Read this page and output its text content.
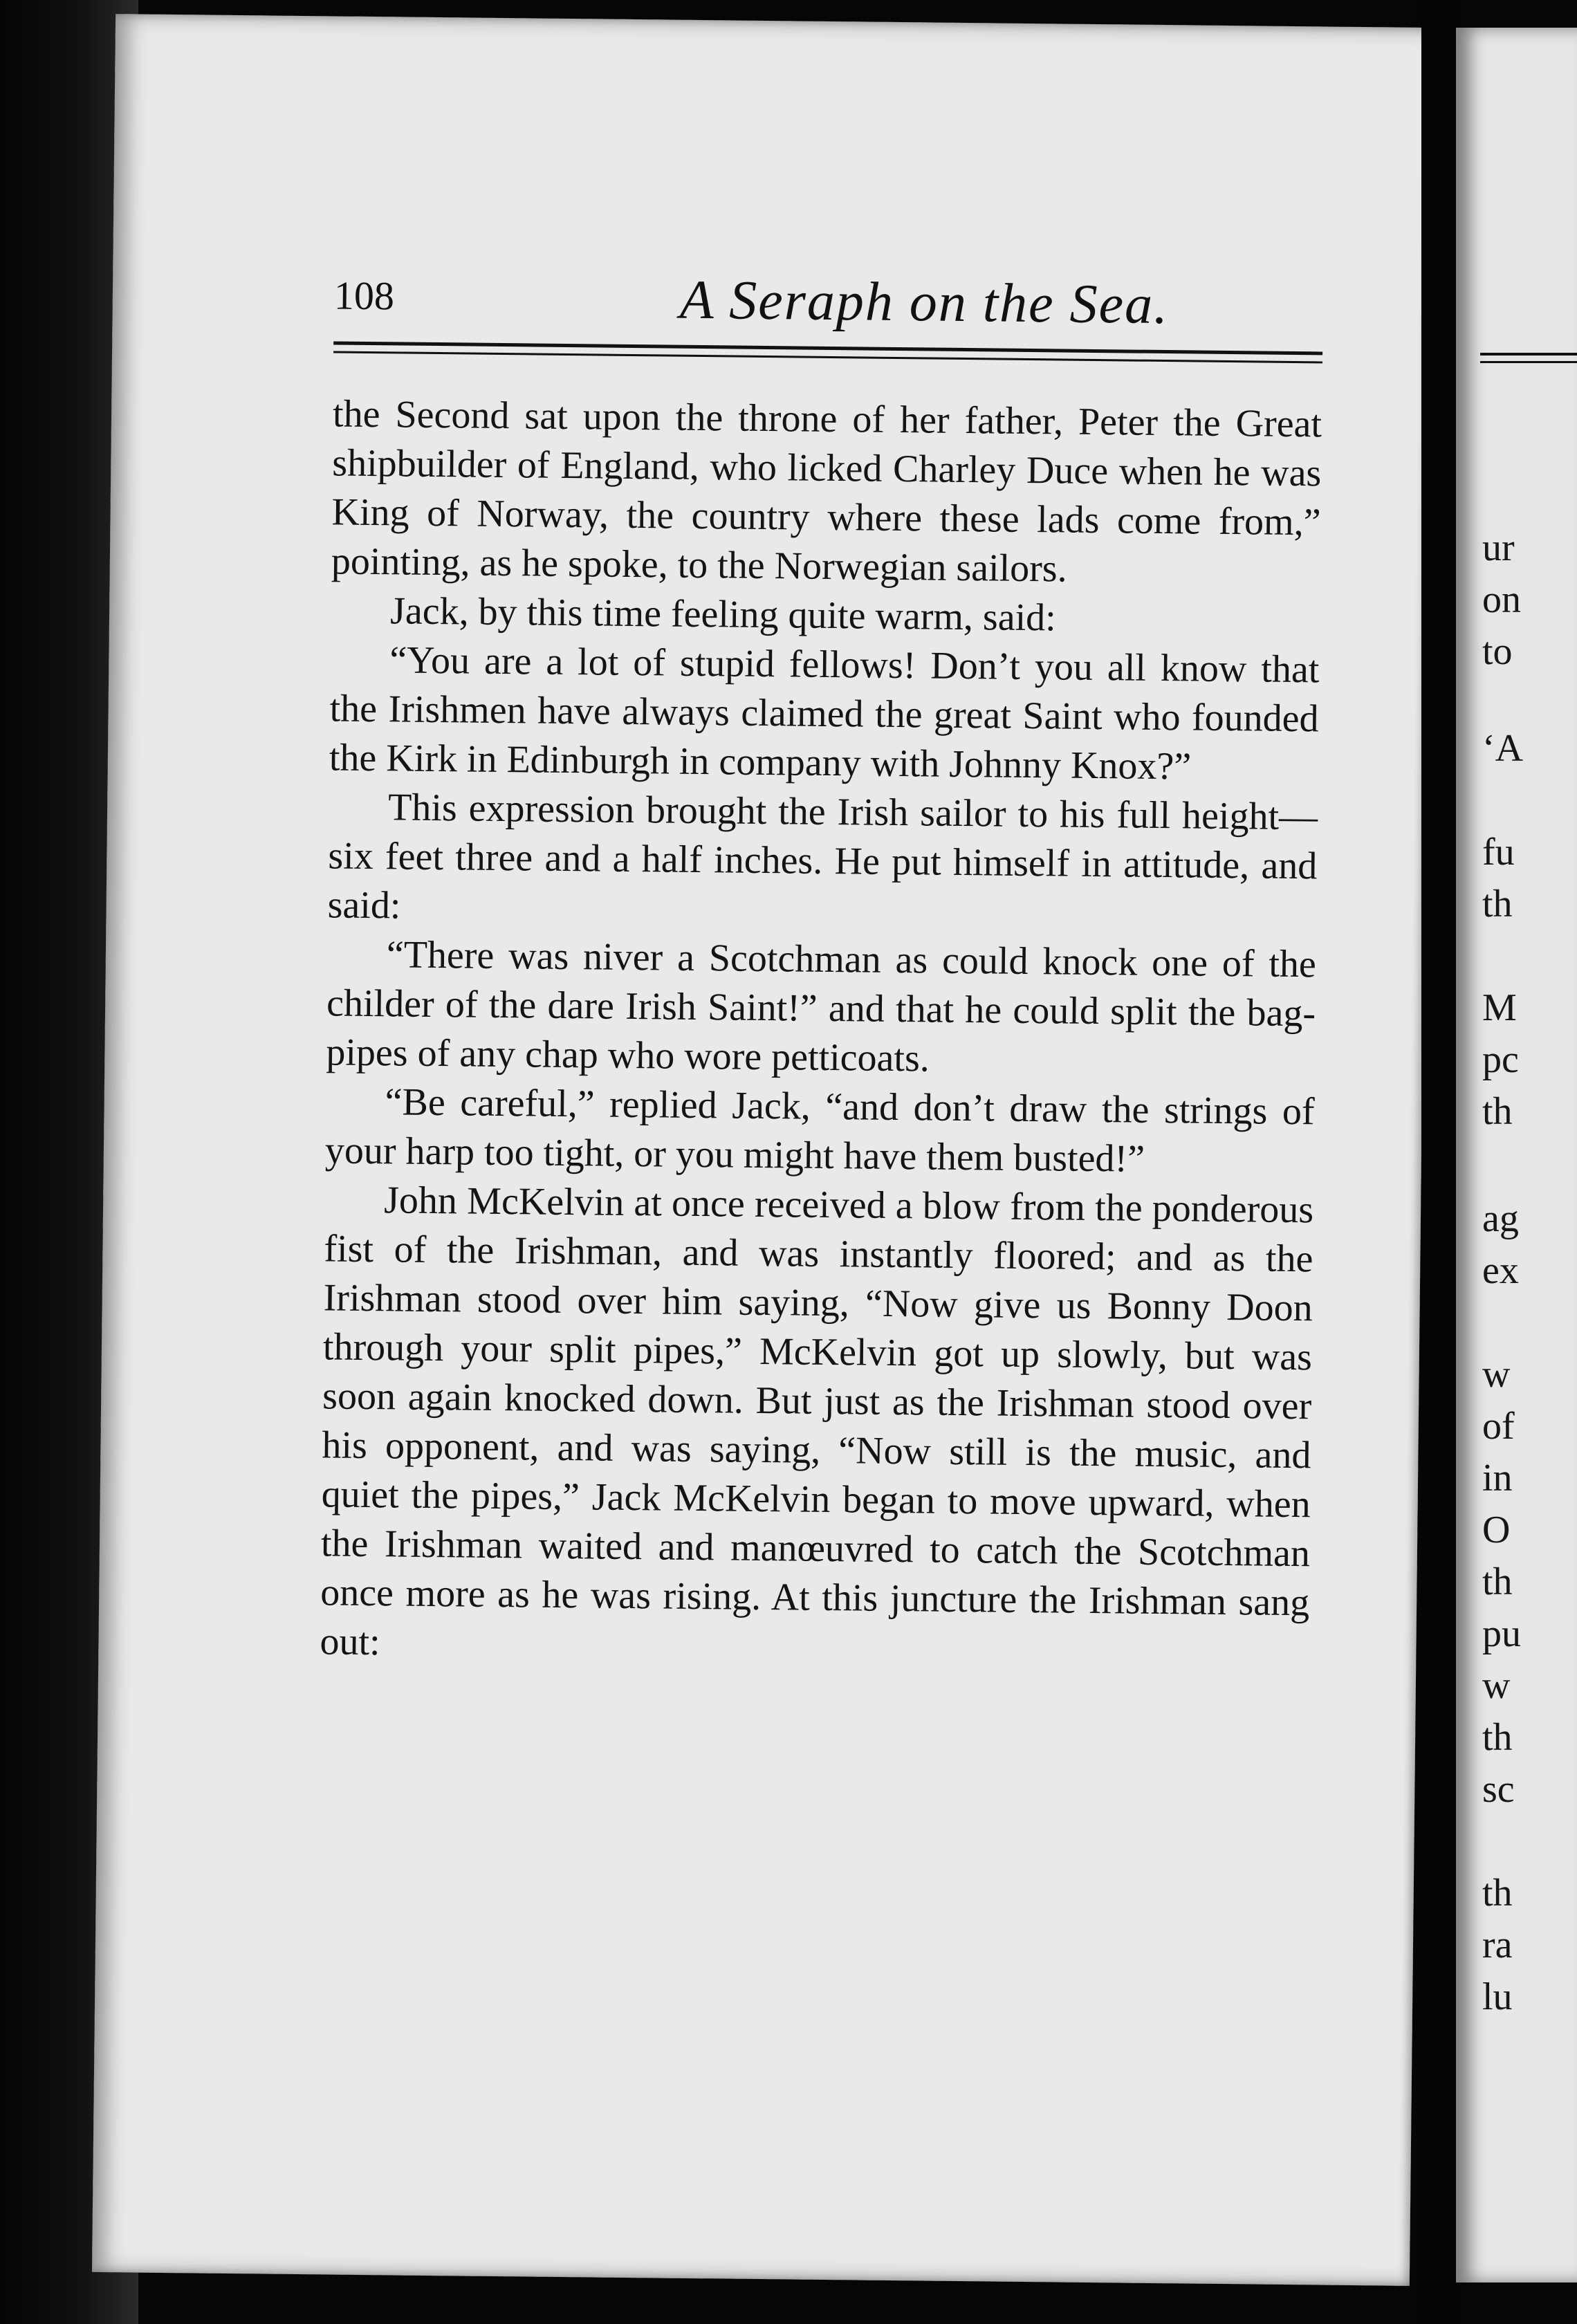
108	A Seraph on the Sea.

the Second sat upon the throne of her father, Peter the Great shipbuilder of England, who licked Charley Duce when he was King of Norway, the country where these lads come from,” pointing, as he spoke, to the Norwegian sailors.

Jack, by this time feeling quite warm, said:

“You are a lot of stupid fellows! Don’t you all know that the Irishmen have always claimed the great Saint who founded the Kirk in Edinburgh in company with Johnny Knox?”

This expression brought the Irish sailor to his full height—six feet three and a half inches. He put himself in attitude, and said:

“There was niver a Scotchman as could knock one of the childer of the dare Irish Saint!” and that he could split the bag-pipes of any chap who wore petticoats.

“Be careful,” replied Jack, “and don’t draw the strings of your harp too tight, or you might have them busted!”

John McKelvin at once received a blow from the ponderous fist of the Irishman, and was instantly floored; and as the Irishman stood over him saying, “Now give us Bonny Doon through your split pipes,” McKelvin got up slowly, but was soon again knocked down. But just as the Irishman stood over his opponent, and was saying, “Now still is the music, and quiet the pipes,” Jack McKelvin began to move upward, when the Irishman waited and manœuvred to catch the Scotchman once more as he was rising. At this juncture the Irishman sang out:

ur
on
to
‘A
fu
th
M
pc
th
ag
ex
w
of
in
O
th
pu
w
th
sc
th
ra
lu
